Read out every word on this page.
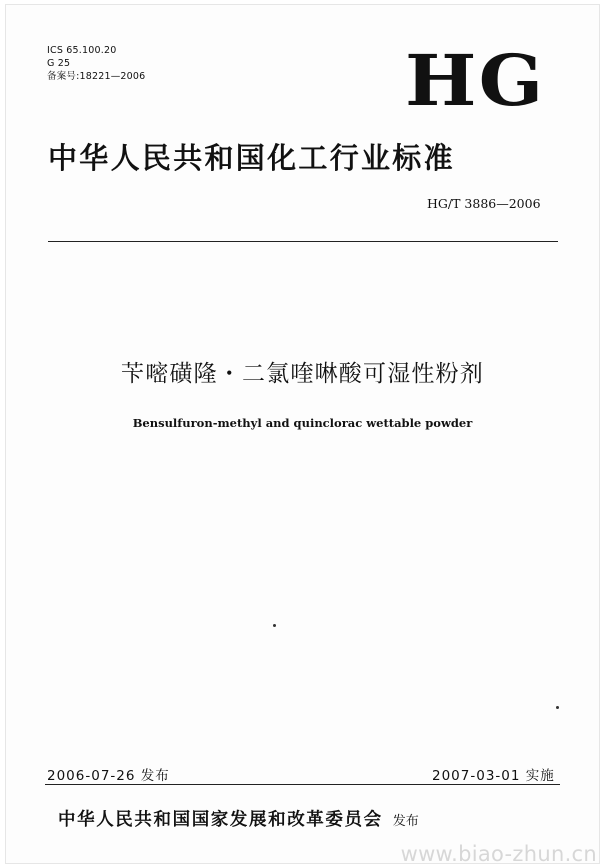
ICS 65.100.20
G 25
备案号:18221—2006	HG
中华人民共和国化工行业标准
HG/T 3886—2006
苄嘧磺隆・二氯喹啉酸可湿性粉剂
Bensulfuron-methyl and quinclorac wettable powder
2006-07-26 发布	2007-03-01 实施
中华人民共和国国家发展和改革委员会 发布
www.biao-zhun.cn
